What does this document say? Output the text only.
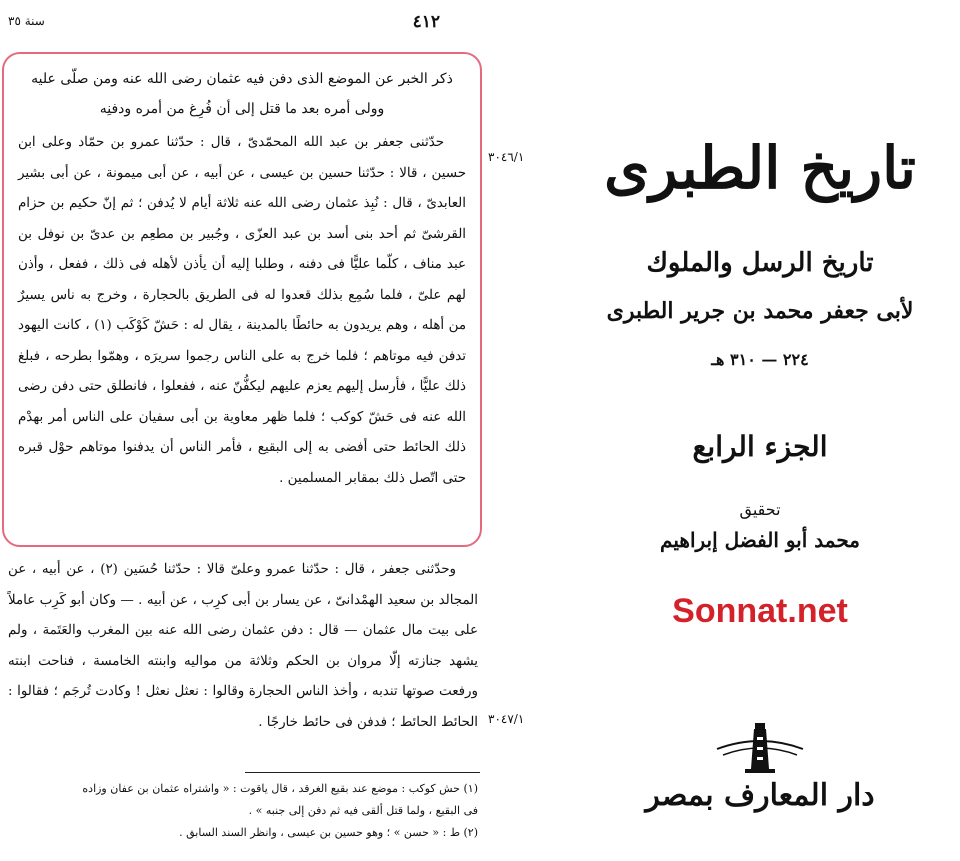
٤١٢
سنة ٣٥
ذكر الخبر عن الموضع الذى دفن فيه عثمان رضى الله عنه ومن صلّى عليه
وولى أمره بعد ما قتل إلى أن فُرِغ من أمره ودفنِه

حدّثنى جعفر بن عبد الله المحمّدىّ ، قال : حدّثنا عمرو بن حمّاد وعلى ابن حسين ، قالا : حدّثنا حسين بن عيسى ، عن أبيه ، عن أبى ميمونة ، عن أبى بشير العابدىّ ، قال : نُبِذ عثمان رضى الله عنه ثلاثة أيام لا يُدفن ؛ ثم إنّ حكيم بن حزام القرشىّ ثم أحد بنى أسد بن عبد العزّى ، وجُبير بن مطعِم بن عدىّ بن نوفل بن عبد مناف ، كلّما عليًّا فى دفنه ، وطلبا إليه أن يأذن لأهله فى ذلك ، ففعل ، وأذن لهم علىّ ، فلما سُمِع بذلك قعدوا له فى الطريق بالحجارة ، وخرج به ناس يسيرٌ من أهله ، وهم يريدون به حائطًا بالمدينة ، يقال له : حَشّ كَوْكَب (١) ، كانت اليهود تدفن فيه موتاهم ؛ فلما خرج به على الناس رجموا سريرَه ، وهمّوا بطرحه ، فبلغ ذلك عليًّا ، فأرسل إليهم يعزم عليهم ليكفُّنّ عنه ، ففعلوا ، فانطلق حتى دفن رضى الله عنه فى حَشّ كوكب ؛ فلما ظهر معاوية بن أبى سفيان على الناس أمر بهدْم ذلك الحائط حتى أفضى به إلى البقيع ، فأمر الناس أن يدفنوا موتاهم حوْل قبره حتى اتّصل ذلك بمقابر المسلمين .

وحدّثنى جعفر ، قال : حدّثنا عمرو وعلىّ قالا : حدّثنا حُسَين (٢) ، عن أبيه ، عن المجالد بن سعيد الهمْدانىّ ، عن يسار بن أبى كرِب ، عن أبيه . — وكان أبو كَرِب عاملاً على بيت مال عثمان — قال : دفن عثمان رضى الله عنه بين المغرب والعَتَمة ، ولم يشهد جنازته إلّا مروان بن الحكم وثلاثة من مواليه وابنته الخامسة ، فناحت ابنته ورفعت صوتها تندبه ، وأخذ الناس الحجارة وقالوا : نعثل نعثل ! وكادت تُرجَم ؛ فقالوا : الحائط الحائط ؛ فدفن فى حائط خارجًا .

(١) حش كوكب : موضع عند بقيع الغرقد ، قال ياقوت : « واشتراه عثمان بن عفان وزاده

فى البقيع ، ولما قتل ألقى فيه ثم دفن إلى جنبه » .

(٢) ط : « حسن » ؛ وهو حسين بن عيسى ، وانظر السند السابق .

٣٠٤٦/١
٣٠٤٧/١
تاريخ الطبرى
تاريخ الرسل والملوك
لأبى جعفر محمد بن جرير الطبرى
٢٢٤ — ٣١٠ هـ
الجزء الرابع
تحقيق
محمد أبو الفضل إبراهيم
Sonnat.net
دار المعارف بمصر
